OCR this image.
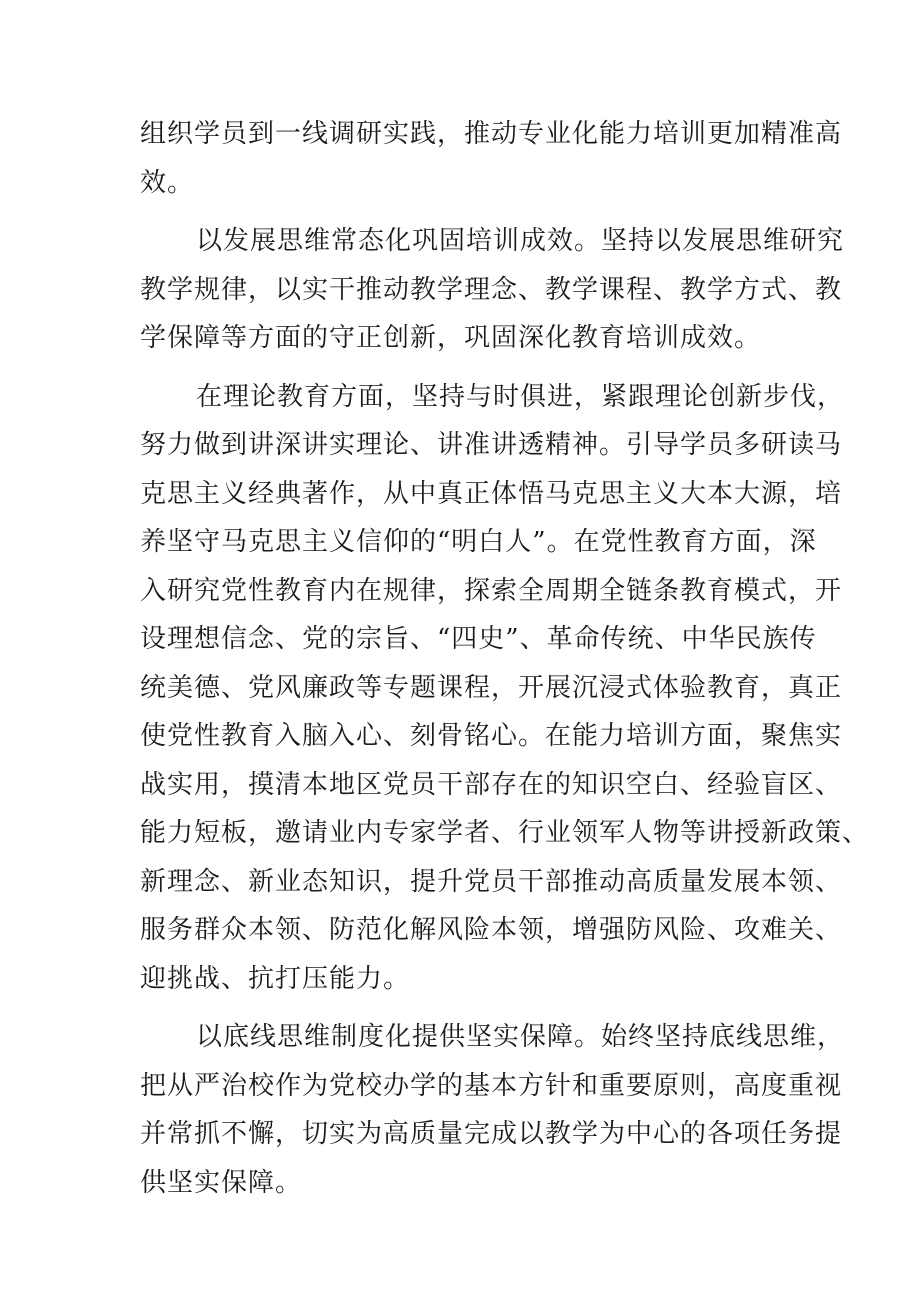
组织学员到一线调研实践，推动专业化能力培训更加精准高
效。
以发展思维常态化巩固培训成效。坚持以发展思维研究
教学规律，以实干推动教学理念、教学课程、教学方式、教
学保障等方面的守正创新，巩固深化教育培训成效。
在理论教育方面，坚持与时俱进，紧跟理论创新步伐，
努力做到讲深讲实理论、讲准讲透精神。引导学员多研读马
克思主义经典著作，从中真正体悟马克思主义大本大源，培
养坚守马克思主义信仰的“明白人”。在党性教育方面，深
入研究党性教育内在规律，探索全周期全链条教育模式，开
设理想信念、党的宗旨、“四史”、革命传统、中华民族传
统美德、党风廉政等专题课程，开展沉浸式体验教育，真正
使党性教育入脑入心、刻骨铭心。在能力培训方面，聚焦实
战实用，摸清本地区党员干部存在的知识空白、经验盲区、
能力短板，邀请业内专家学者、行业领军人物等讲授新政策、
新理念、新业态知识，提升党员干部推动高质量发展本领、
服务群众本领、防范化解风险本领，增强防风险、攻难关、
迎挑战、抗打压能力。
以底线思维制度化提供坚实保障。始终坚持底线思维，
把从严治校作为党校办学的基本方针和重要原则，高度重视
并常抓不懈，切实为高质量完成以教学为中心的各项任务提
供坚实保障。
